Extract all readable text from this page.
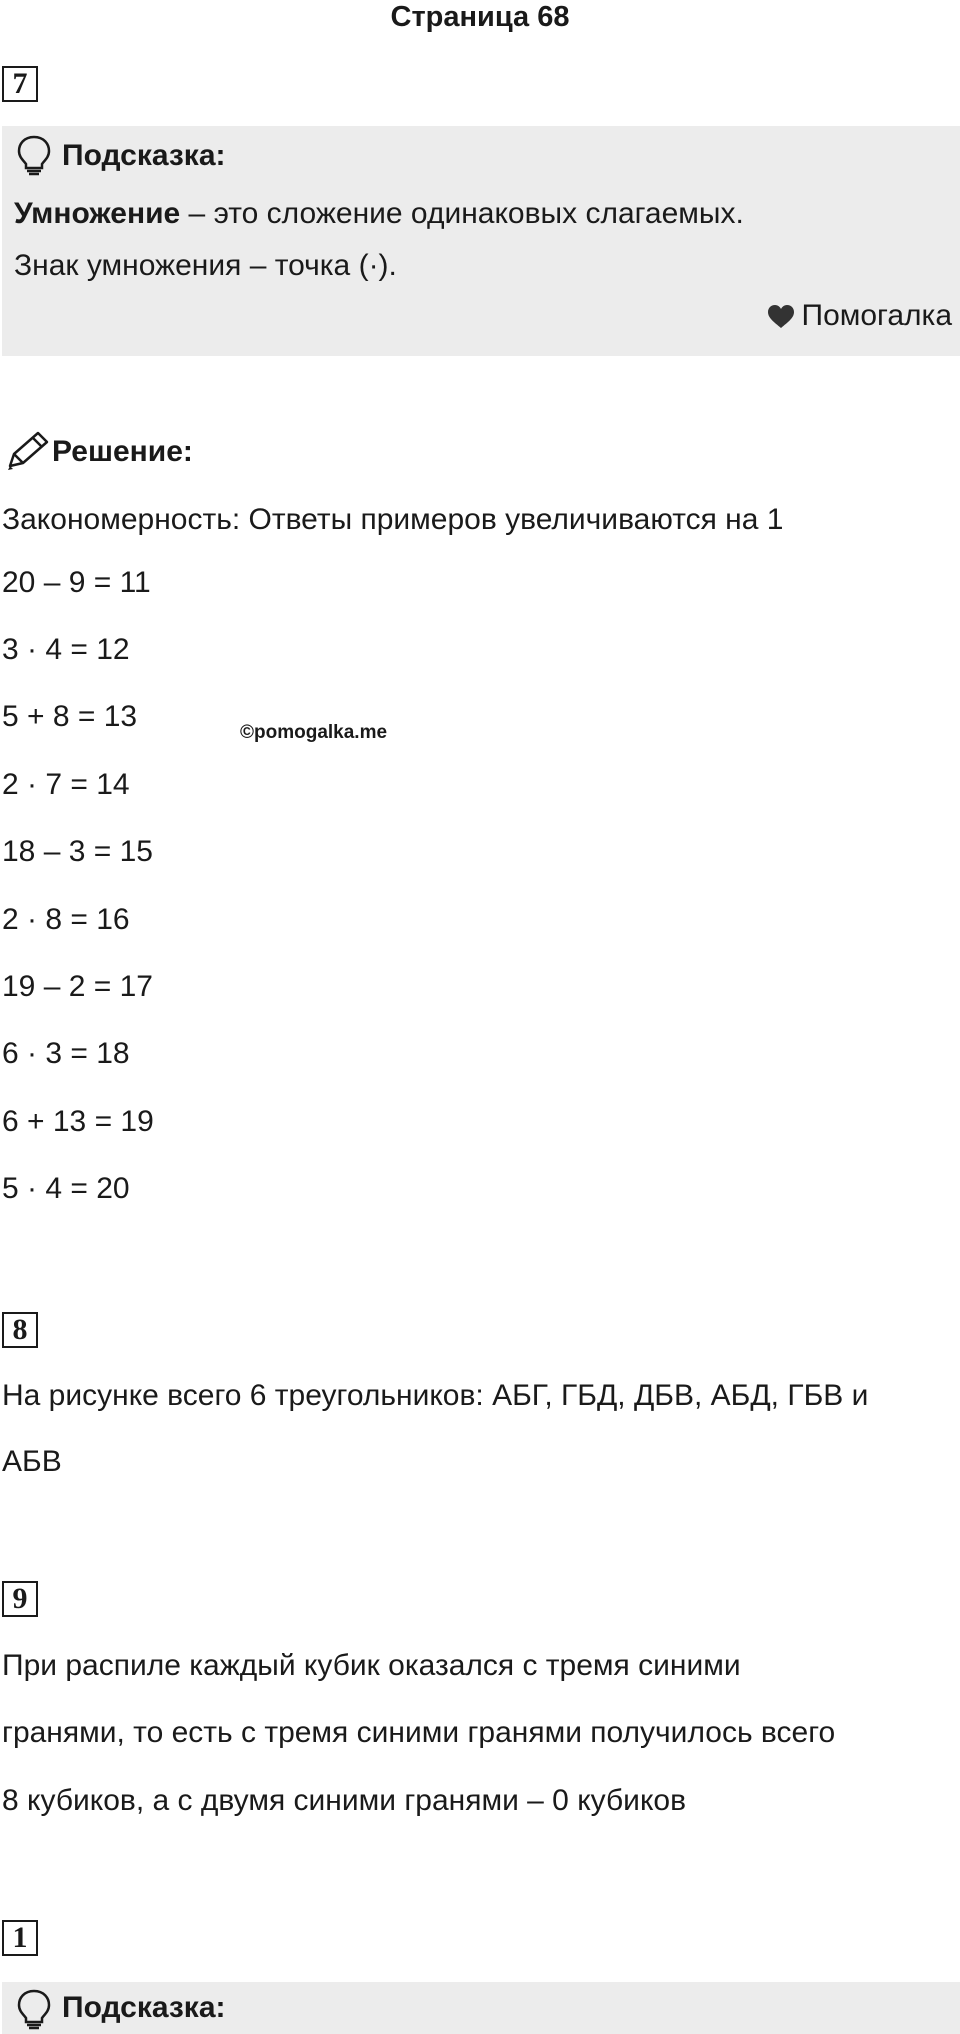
Страница 68
7
Подсказка:
Умножение – это сложение одинаковых слагаемых.
Знак умножения – точка (·).
Помогалка
Решение:
Закономерность: Ответы примеров увеличиваются на 1
20 – 9 = 11
3 · 4 = 12
5 + 8 = 13
2 · 7 = 14
18 – 3 = 15
2 · 8 = 16
19 – 2 = 17
6 · 3 = 18
6 + 13 = 19
5 · 4 = 20
©pomogalka.me
8
На рисунке всего 6 треугольников: АБГ, ГБД, ДБВ, АБД, ГБВ и
АБВ
9
При распиле каждый кубик оказался с тремя синими
гранями, то есть с тремя синими гранями получилось всего
8 кубиков, а с двумя синими гранями – 0 кубиков
1
Подсказка:
